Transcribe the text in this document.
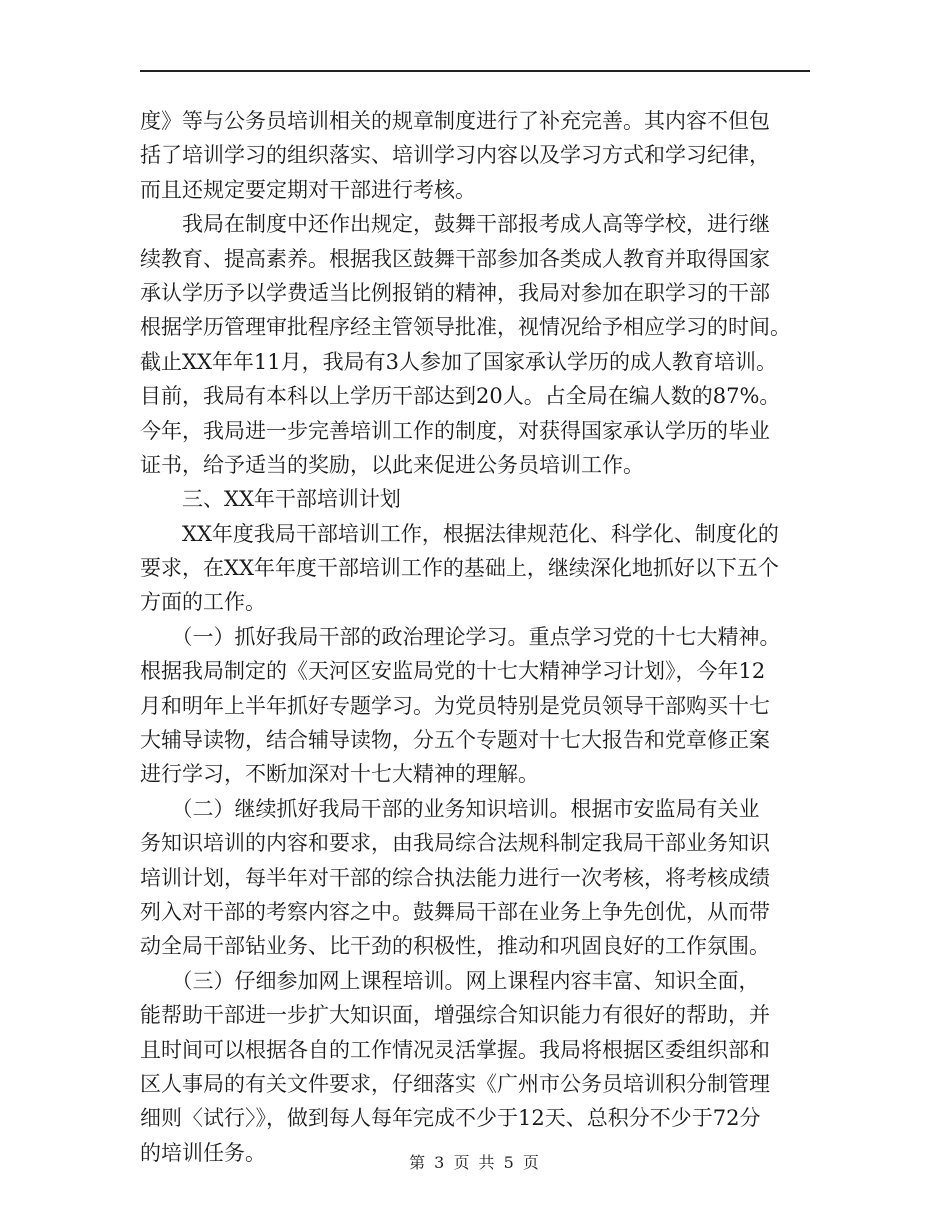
度》等与公务员培训相关的规章制度进行了补充完善。其内容不但包
括了培训学习的组织落实、培训学习内容以及学习方式和学习纪律，
而且还规定要定期对干部进行考核。
　　我局在制度中还作出规定，鼓舞干部报考成人高等学校，进行继
续教育、提高素养。根据我区鼓舞干部参加各类成人教育并取得国家
承认学历予以学费适当比例报销的精神，我局对参加在职学习的干部
根据学历管理审批程序经主管领导批准，视情况给予相应学习的时间。
截止XX年年11月，我局有3人参加了国家承认学历的成人教育培训。
目前，我局有本科以上学历干部达到20人。占全局在编人数的87%。
今年，我局进一步完善培训工作的制度，对获得国家承认学历的毕业
证书，给予适当的奖励，以此来促进公务员培训工作。
　　三、XX年干部培训计划
　　XX年度我局干部培训工作，根据法律规范化、科学化、制度化的
要求，在XX年年度干部培训工作的基础上，继续深化地抓好以下五个
方面的工作。
　　（一）抓好我局干部的政治理论学习。重点学习党的十七大精神。
根据我局制定的《天河区安监局党的十七大精神学习计划》，今年12
月和明年上半年抓好专题学习。为党员特别是党员领导干部购买十七
大辅导读物，结合辅导读物，分五个专题对十七大报告和党章修正案
进行学习，不断加深对十七大精神的理解。
　　（二）继续抓好我局干部的业务知识培训。根据市安监局有关业
务知识培训的内容和要求，由我局综合法规科制定我局干部业务知识
培训计划，每半年对干部的综合执法能力进行一次考核，将考核成绩
列入对干部的考察内容之中。鼓舞局干部在业务上争先创优，从而带
动全局干部钻业务、比干劲的积极性，推动和巩固良好的工作氛围。
　　（三）仔细参加网上课程培训。网上课程内容丰富、知识全面，
能帮助干部进一步扩大知识面，增强综合知识能力有很好的帮助，并
且时间可以根据各自的工作情况灵活掌握。我局将根据区委组织部和
区人事局的有关文件要求，仔细落实《广州市公务员培训积分制管理
细则〈试行〉》，做到每人每年完成不少于12天、总积分不少于72分
的培训任务。	第 3 页 共 5 页
